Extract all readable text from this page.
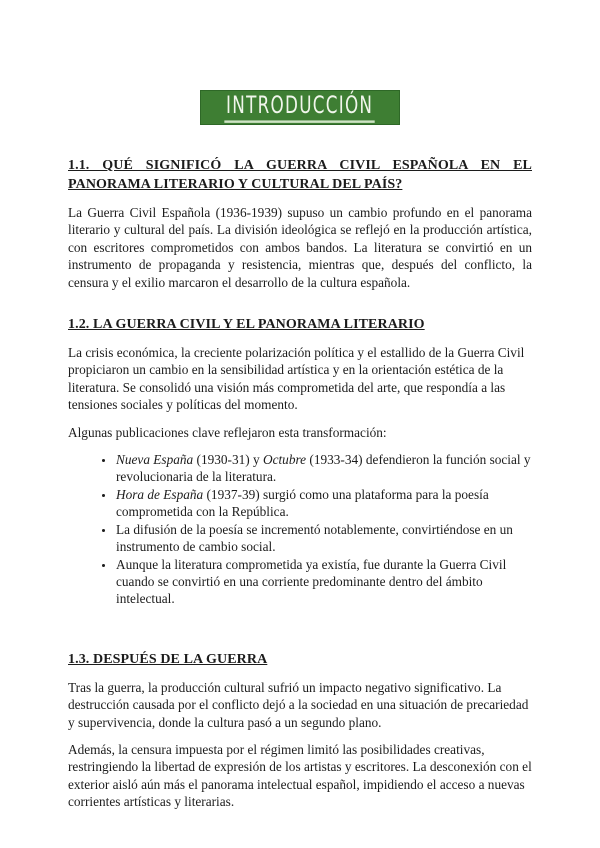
INTRODUCCIÓN
1.1. QUÉ SIGNIFICÓ LA GUERRA CIVIL ESPAÑOLA EN EL PANORAMA LITERARIO Y CULTURAL DEL PAÍS?

La Guerra Civil Española (1936-1939) supuso un cambio profundo en el panorama literario y cultural del país. La división ideológica se reflejó en la producción artística, con escritores comprometidos con ambos bandos. La literatura se convirtió en un instrumento de propaganda y resistencia, mientras que, después del conflicto, la censura y el exilio marcaron el desarrollo de la cultura española.

1.2. LA GUERRA CIVIL Y EL PANORAMA LITERARIO

La crisis económica, la creciente polarización política y el estallido de la Guerra Civil propiciaron un cambio en la sensibilidad artística y en la orientación estética de la literatura. Se consolidó una visión más comprometida del arte, que respondía a las tensiones sociales y políticas del momento.

Algunas publicaciones clave reflejaron esta transformación:

• Nueva España (1930-31) y Octubre (1933-34) defendieron la función social y revolucionaria de la literatura.
• Hora de España (1937-39) surgió como una plataforma para la poesía comprometida con la República.
• La difusión de la poesía se incrementó notablemente, convirtiéndose en un instrumento de cambio social.
• Aunque la literatura comprometida ya existía, fue durante la Guerra Civil cuando se convirtió en una corriente predominante dentro del ámbito intelectual.
1.3. DESPUÉS DE LA GUERRA

Tras la guerra, la producción cultural sufrió un impacto negativo significativo. La destrucción causada por el conflicto dejó a la sociedad en una situación de precariedad y supervivencia, donde la cultura pasó a un segundo plano.

Además, la censura impuesta por el régimen limitó las posibilidades creativas, restringiendo la libertad de expresión de los artistas y escritores. La desconexión con el exterior aisló aún más el panorama intelectual español, impidiendo el acceso a nuevas corrientes artísticas y literarias.
